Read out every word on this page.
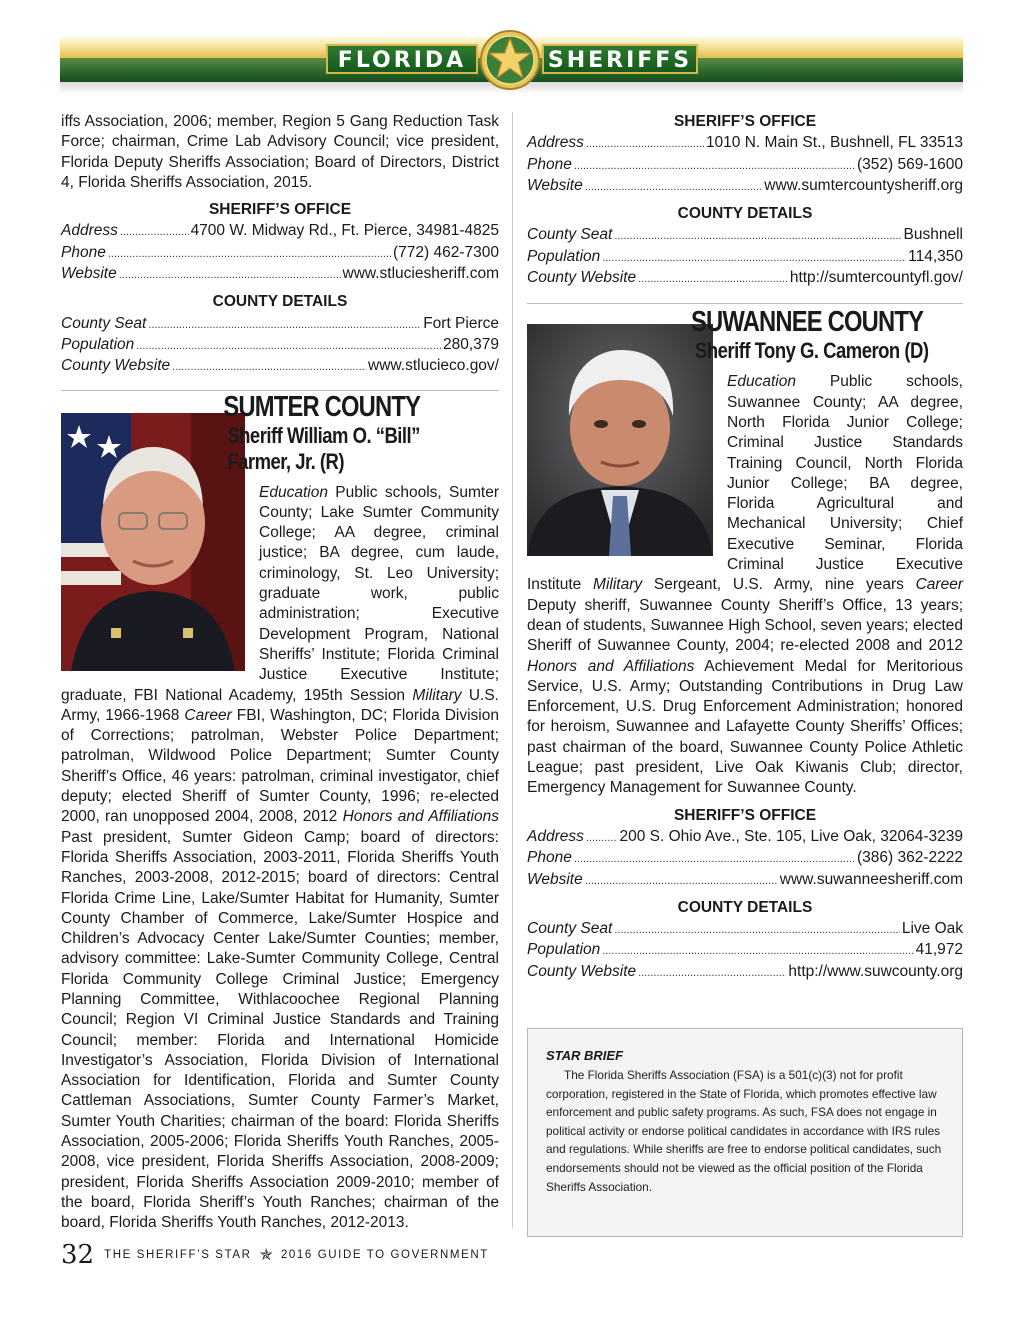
FLORIDA	SHERIFFS

iffs Association, 2006; member, Region 5 Gang Reduction Task Force; chairman, Crime Lab Advisory Council; vice president, Florida Deputy Sheriffs Association; Board of Directors, District 4, Florida Sheriffs Association, 2015.

SHERIFF’S OFFICE
Address .....	4700 W. Midway Rd., Ft. Pierce, 34981-4825
Phone .....	(772) 462-7300
Website .....	www.stluciesheriff.com
COUNTY DETAILS
County Seat .....	Fort Pierce
Population .....	280,379
County Website .....	www.stlucieco.gov/
SUMTER COUNTY
Sheriff William O. “Bill”
Farmer, Jr. (R)

Education Public schools, Sumter County; Lake Sumter Community College; AA degree, criminal justice; BA degree, cum laude, criminology, St. Leo University; graduate work, public administration; Executive Development Program, National Sheriffs’ Institute; Florida Criminal Justice Executive Institute; graduate, FBI National Academy, 195th Session Military U.S. Army, 1966-1968 Career FBI, Washington, DC; Florida Division of Corrections; patrolman, Webster Police Department; patrolman, Wildwood Police Department; Sumter County Sheriff’s Office, 46 years: patrolman, criminal investigator, chief deputy; elected Sheriff of Sumter County, 1996; re-elected 2000, ran unopposed 2004, 2008, 2012 Honors and Affiliations Past president, Sumter Gideon Camp; board of directors: Florida Sheriffs Association, 2003-2011, Florida Sheriffs Youth Ranches, 2003-2008, 2012-2015; board of directors: Central Florida Crime Line, Lake/Sumter Habitat for Humanity, Sumter County Chamber of Commerce, Lake/Sumter Hospice and Children’s Advocacy Center Lake/Sumter Counties; member, advisory committee: Lake-Sumter Community College, Central Florida Community College Criminal Justice; Emergency Planning Committee, Withlacoochee Regional Planning Council; Region VI Criminal Justice Standards and Training Council; member: Florida and International Homicide Investigator’s Association, Florida Division of International Association for Identification, Florida and Sumter County Cattleman Associations, Sumter County Farmer’s Market, Sumter Youth Charities; chairman of the board: Florida Sheriffs Association, 2005-2006; Florida Sheriffs Youth Ranches, 2005-2008, vice president, Florida Sheriffs Association, 2008-2009; president, Florida Sheriffs Association 2009-2010; member of the board, Florida Sheriff’s Youth Ranches; chairman of the board, Florida Sheriffs Youth Ranches, 2012-2013.

SHERIFF’S OFFICE
Address .....	1010 N. Main St., Bushnell, FL 33513
Phone .....	(352) 569-1600
Website .....	www.sumtercountysheriff.org
COUNTY DETAILS
County Seat .....	Bushnell
Population .....	114,350
County Website .....	http://sumtercountyfl.gov/
SUWANNEE COUNTY
Sheriff Tony G. Cameron (D)

Education Public schools, Suwannee County; AA degree, North Florida Junior College; Criminal Justice Standards Training Council, North Florida Junior College; BA degree, Florida Agricultural and Mechanical University; Chief Executive Seminar, Florida Criminal Justice Executive Institute Military Sergeant, U.S. Army, nine years Career Deputy sheriff, Suwannee County Sheriff’s Office, 13 years; dean of students, Suwannee High School, seven years; elected Sheriff of Suwannee County, 2004; re-elected 2008 and 2012 Honors and Affiliations Achievement Medal for Meritorious Service, U.S. Army; Outstanding Contributions in Drug Law Enforcement, U.S. Drug Enforcement Administration; honored for heroism, Suwannee and Lafayette County Sheriffs’ Offices; past chairman of the board, Suwannee County Police Athletic League; past president, Live Oak Kiwanis Club; director, Emergency Management for Suwannee County.

SHERIFF’S OFFICE
Address ..... 200 S. Ohio Ave., Ste. 105, Live Oak, 32064-3239
Phone .....	(386) 362-2222
Website .....	www.suwanneesheriff.com
COUNTY DETAILS
County Seat .....	Live Oak
Population .....	41,972
County Website .....	http://www.suwcounty.org
STAR BRIEF

The Florida Sheriffs Association (FSA) is a 501(c)(3) not for profit corporation, registered in the State of Florida, which promotes effective law enforcement and public safety programs. As such, FSA does not engage in political activity or endorse political candidates in accordance with IRS rules and regulations. While sheriffs are free to endorse political candidates, such endorsements should not be viewed as the official position of the Florida Sheriffs Association.

32 THE SHERIFF’S STAR ✯ 2016 GUIDE TO GOVERNMENT
